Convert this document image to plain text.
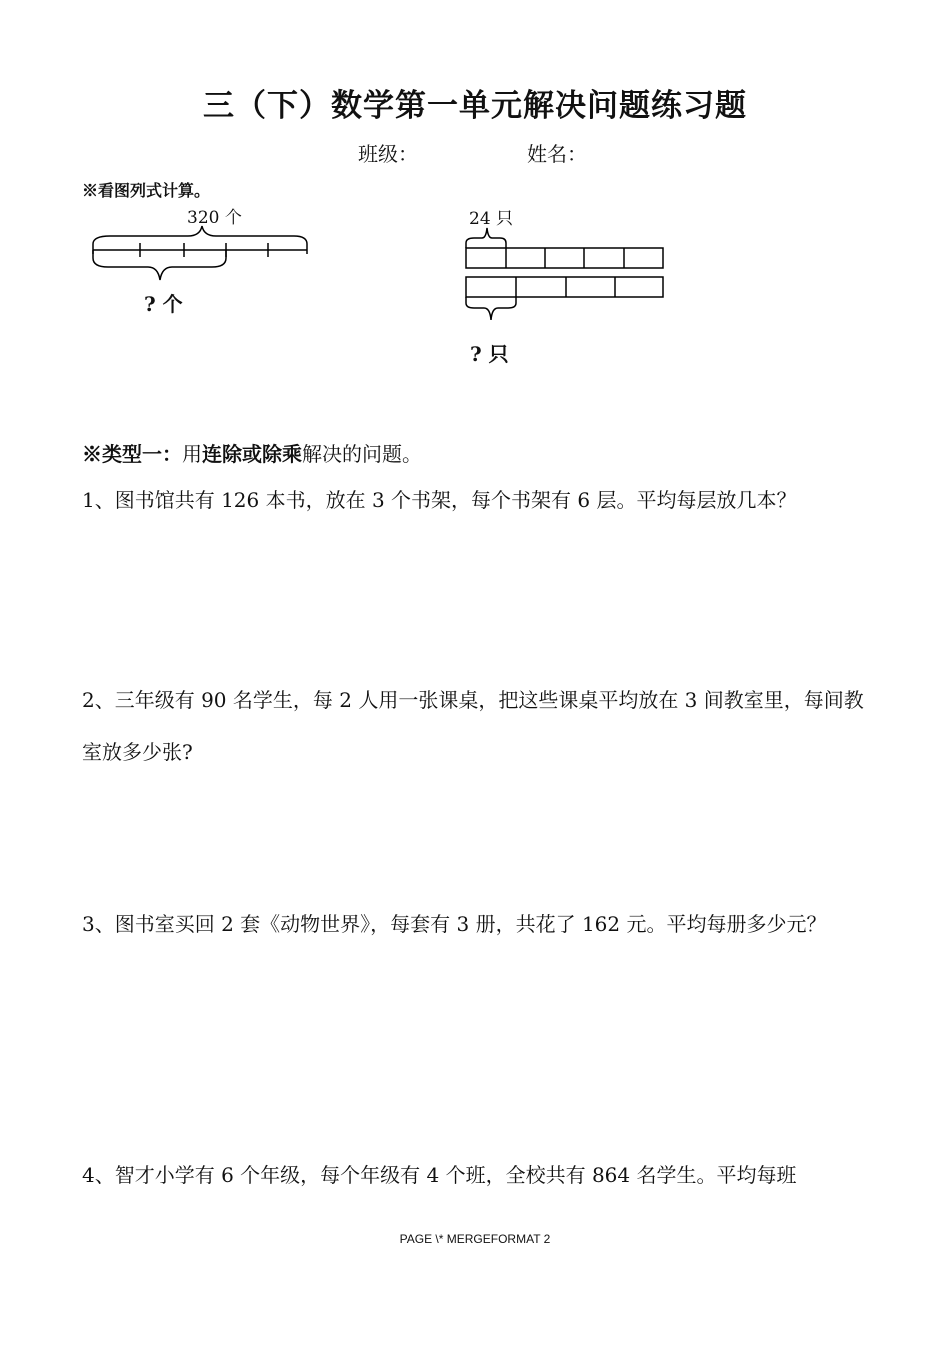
三（下）数学第一单元解决问题练习题
班级：	姓名：
※看图列式计算。
320 个
? 个
24 只
? 只
※类型一：用连除或除乘解决的问题。
1、图书馆共有 126 本书，放在 3 个书架，每个书架有 6 层。平均每层放几本？
2、三年级有 90 名学生，每 2 人用一张课桌，把这些课桌平均放在 3 间教室里，每间教室放多少张?
3、图书室买回 2 套《动物世界》，每套有 3 册，共花了 162 元。平均每册多少元？
4、智才小学有 6 个年级，每个年级有 4 个班，全校共有 864 名学生。平均每班
PAGE \* MERGEFORMAT 2
